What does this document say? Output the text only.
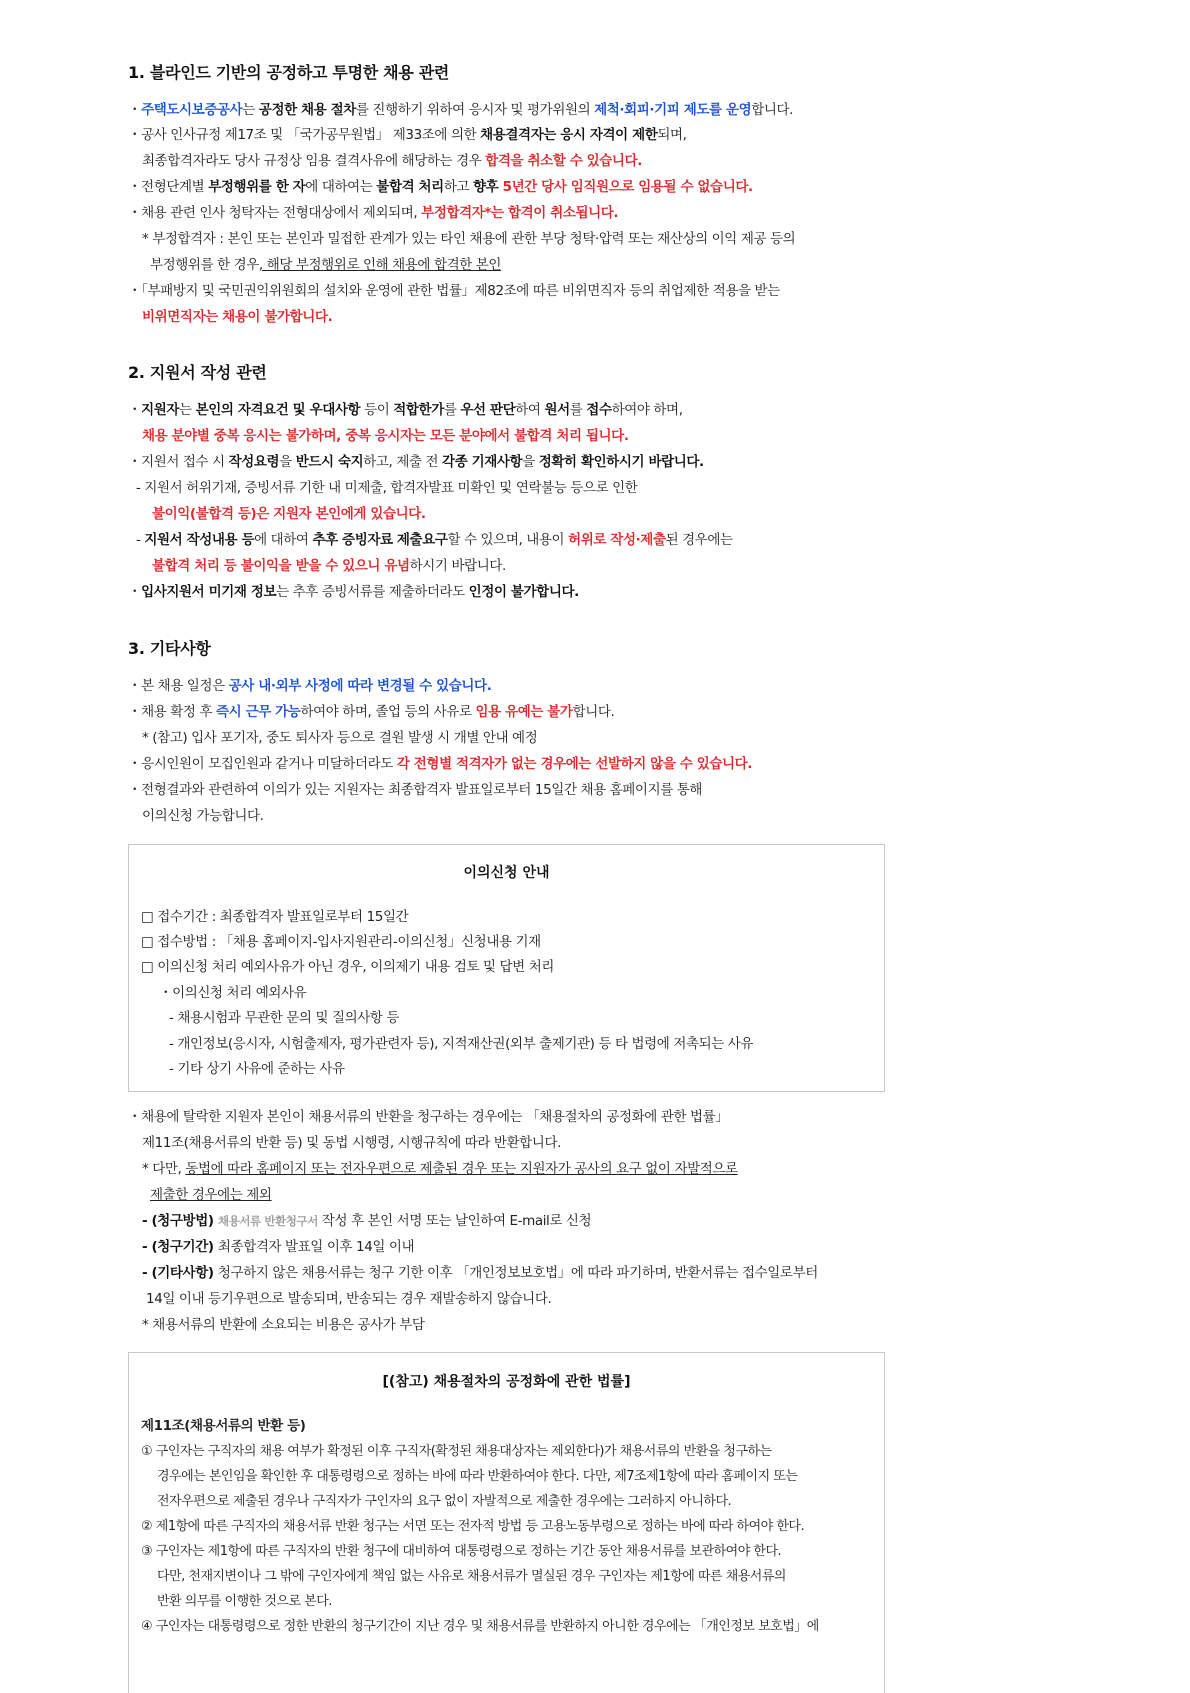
1. 블라인드 기반의 공정하고 투명한 채용 관련
・주택도시보증공사는 공정한 채용 절차를 진행하기 위하여 응시자 및 평가위원의 제척·회피·기피 제도를 운영합니다.
・공사 인사규정 제17조 및 「국가공무원법」 제33조에 의한 채용결격자는 응시 자격이 제한되며,
최종합격자라도 당사 규정상 임용 결격사유에 해당하는 경우 합격을 취소할 수 있습니다.
・전형단계별 부정행위를 한 자에 대하여는 불합격 처리하고 향후 5년간 당사 임직원으로 임용될 수 없습니다.
・채용 관련 인사 청탁자는 전형대상에서 제외되며, 부정합격자*는 합격이 취소됩니다.
* 부정합격자 : 본인 또는 본인과 밀접한 관계가 있는 타인 채용에 관한 부당 청탁·압력 또는 재산상의 이익 제공 등의
부정행위를 한 경우, 해당 부정행위로 인해 채용에 합격한 본인
・「부패방지 및 국민권익위원회의 설치와 운영에 관한 법률」제82조에 따른 비위면직자 등의 취업제한 적용을 받는
비위면직자는 채용이 불가합니다.
2. 지원서 작성 관련
・지원자는 본인의 자격요건 및 우대사항 등이 적합한가를 우선 판단하여 원서를 접수하여야 하며,
채용 분야별 중복 응시는 불가하며, 중복 응시자는 모든 분야에서 불합격 처리 됩니다.
・지원서 접수 시 작성요령을 반드시 숙지하고, 제출 전 각종 기재사항을 정확히 확인하시기 바랍니다.
- 지원서 허위기재, 증빙서류 기한 내 미제출, 합격자발표 미확인 및 연락불능 등으로 인한
불이익(불합격 등)은 지원자 본인에게 있습니다.
- 지원서 작성내용 등에 대하여 추후 증빙자료 제출요구할 수 있으며, 내용이 허위로 작성·제출된 경우에는
불합격 처리 등 불이익을 받을 수 있으니 유념하시기 바랍니다.
・입사지원서 미기재 정보는 추후 증빙서류를 제출하더라도 인정이 불가합니다.
3. 기타사항
・본 채용 일정은 공사 내·외부 사정에 따라 변경될 수 있습니다.
・채용 확정 후 즉시 근무 가능하여야 하며, 졸업 등의 사유로 임용 유예는 불가합니다.
* (참고) 입사 포기자, 중도 퇴사자 등으로 결원 발생 시 개별 안내 예정
・응시인원이 모집인원과 같거나 미달하더라도 각 전형별 적격자가 없는 경우에는 선발하지 않을 수 있습니다.
・전형결과와 관련하여 이의가 있는 지원자는 최종합격자 발표일로부터 15일간 채용 홈페이지를 통해
이의신청 가능합니다.
이의신청 안내
□ 접수기간 : 최종합격자 발표일로부터 15일간
□ 접수방법 : 「채용 홈페이지-입사지원관리-이의신청」신청내용 기재
□ 이의신청 처리 예외사유가 아닌 경우, 이의제기 내용 검토 및 답변 처리
・이의신청 처리 예외사유
- 채용시험과 무관한 문의 및 질의사항 등
- 개인정보(응시자, 시험출제자, 평가관련자 등), 지적재산권(외부 출제기관) 등 타 법령에 저촉되는 사유
- 기타 상기 사유에 준하는 사유
・채용에 탈락한 지원자 본인이 채용서류의 반환을 청구하는 경우에는 「채용절차의 공정화에 관한 법률」
제11조(채용서류의 반환 등) 및 동법 시행령, 시행규칙에 따라 반환합니다.
* 다만, 동법에 따라 홈페이지 또는 전자우편으로 제출된 경우 또는 지원자가 공사의 요구 없이 자발적으로
제출한 경우에는 제외
- (청구방법) 채용서류 반환청구서 작성 후 본인 서명 또는 날인하여 E-mail로 신청
- (청구기간) 최종합격자 발표일 이후 14일 이내
- (기타사항) 청구하지 않은 채용서류는 청구 기한 이후 「개인정보보호법」에 따라 파기하며, 반환서류는 접수일로부터
14일 이내 등기우편으로 발송되며, 반송되는 경우 재발송하지 않습니다.
* 채용서류의 반환에 소요되는 비용은 공사가 부담
[(참고) 채용절차의 공정화에 관한 법률]
제11조(채용서류의 반환 등)
① 구인자는 구직자의 채용 여부가 확정된 이후 구직자(확정된 채용대상자는 제외한다)가 채용서류의 반환을 청구하는
경우에는 본인임을 확인한 후 대통령령으로 정하는 바에 따라 반환하여야 한다. 다만, 제7조제1항에 따라 홈페이지 또는
전자우편으로 제출된 경우나 구직자가 구인자의 요구 없이 자발적으로 제출한 경우에는 그러하지 아니하다.
② 제1항에 따른 구직자의 채용서류 반환 청구는 서면 또는 전자적 방법 등 고용노동부령으로 정하는 바에 따라 하여야 한다.
③ 구인자는 제1항에 따른 구직자의 반환 청구에 대비하여 대통령령으로 정하는 기간 동안 채용서류를 보관하여야 한다.
다만, 천재지변이나 그 밖에 구인자에게 책임 없는 사유로 채용서류가 멸실된 경우 구인자는 제1항에 따른 채용서류의
반환 의무를 이행한 것으로 본다.
④ 구인자는 대통령령으로 정한 반환의 청구기간이 지난 경우 및 채용서류를 반환하지 아니한 경우에는 「개인정보 보호법」에
